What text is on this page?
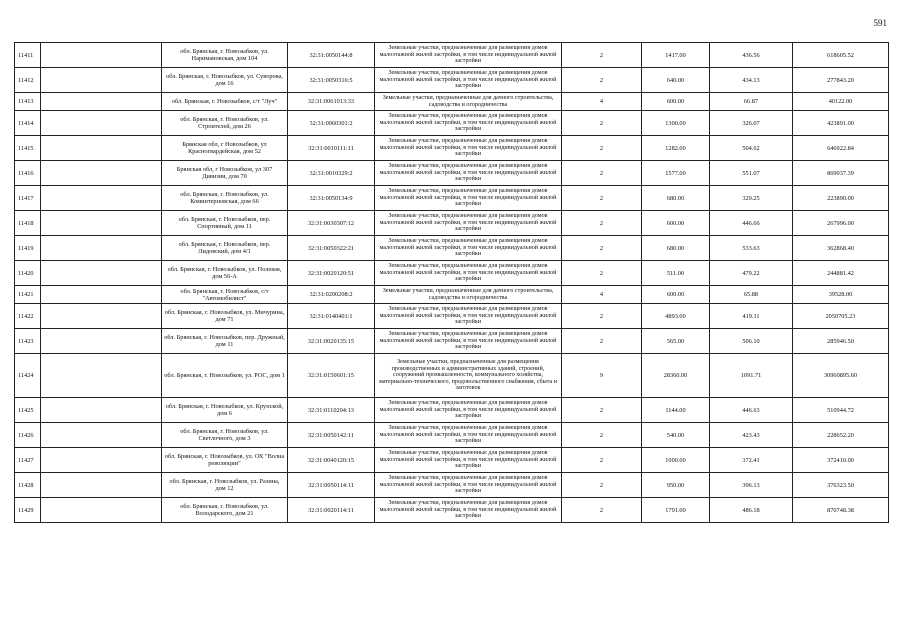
591
11411		обл. Брянская, г. Новозыбков, ул. Наримановская, дом 104	32:31:0050144:8	Земельные участки, предназначенные для размещения домов малоэтажной жилой застройки, в том числе индивидуальной жилой застройки	2	1417.00	436.56	618605.52
11412		обл. Брянская, г. Новозыбков, ул. Суворова, дом 16	32:31:0050316:5	Земельные участки, предназначенные для размещения домов малоэтажной жилой застройки, в том числе индивидуальной жилой застройки	2	640.00	434.13	277843.20
11413		обл. Брянская, г. Новозыбков, с/т "Луч"	32:31:0061013:33	Земельные участки, предназначенные для дачного строительства, садоводства и огородничества	4	600.00	66.87	40122.00
11414		обл. Брянская, г. Новозыбков, ул. Строителей, дом 26	32:31:0060301:2	Земельные участки, предназначенные для размещения домов малоэтажной жилой застройки, в том числе индивидуальной жилой застройки	2	1300.00	326.07	423891.00
11415		Брянская обл, г Новозыбков, ул Красногвардейская, дом 52	32:31:0010111:11	Земельные участки, предназначенные для размещения домов малоэтажной жилой застройки, в том числе индивидуальной жилой застройки	2	1282.00	504.62	646922.84
11416		Брянская обл, г Новозыбков, ул 307 Дивизии, дом 70	32:31:0010329:2	Земельные участки, предназначенные для размещения домов малоэтажной жилой застройки, в том числе индивидуальной жилой застройки	2	1577.00	551.07	869037.39
11417		обл. Брянская, г. Новозыбков, ул. Коминтерновская, дом 66	32:31:0050134:9	Земельные участки, предназначенные для размещения домов малоэтажной жилой застройки, в том числе индивидуальной жилой застройки	2	680.00	329.25	223890.00
11418		обл. Брянская, г. Новозыбков, пер. Спортивный, дом 11	32:31:0030307:12	Земельные участки, предназначенные для размещения домов малоэтажной жилой застройки, в том числе индивидуальной жилой застройки	2	600.00	446.66	267996.00
11419		обл. Брянская, г. Новозыбков, пер. Лидовский, дом 4/1	32:31:0050322:21	Земельные участки, предназначенные для размещения домов малоэтажной жилой застройки, в том числе индивидуальной жилой застройки	2	680.00	533.63	362868.40
11420		обл. Брянская, г. Новозыбков, ул. Полевая, дом 56-А	32:31:0020120:51	Земельные участки, предназначенные для размещения домов малоэтажной жилой застройки, в том числе индивидуальной жилой застройки	2	511.00	479.22	244881.42
11421		обл. Брянская, г. Новозыбков, с/т "Автомобилист"	32:31:0200208:2	Земельные участки, предназначенные для дачного строительства, садоводства и огородничества	4	600.00	65.88	39528.00
11422		обл. Брянская, г. Новозыбков, ул. Мичурина, дом 71	32:31:0140401:1	Земельные участки, предназначенные для размещения домов малоэтажной жилой застройки, в том числе индивидуальной жилой застройки	2	4893.00	419.11	2050705.23
11423		обл. Брянская, г. Новозыбков, пер. Дружный, дом 11	32:31:0020135:15	Земельные участки, предназначенные для размещения домов малоэтажной жилой застройки, в том числе индивидуальной жилой застройки	2	565.00	506.10	285946.50
11424		обл. Брянская, г. Новозыбков, ул. РОС, дом 1	32:31:0150601:15	Земельные участки, предназначенные для размещения производственных и административных зданий, строений, сооружений промышленности, коммунального хозяйства, материально-технического, продовольственного снабжения, сбыта и заготовок	9	28360.00	1091.71	30960895.60
11425		обл. Брянская, г. Новозыбков, ул. Крупской, дом 6	32:31:0110204:13	Земельные участки, предназначенные для размещения домов малоэтажной жилой застройки, в том числе индивидуальной жилой застройки	2	1144.00	446.63	510944.72
11426		обл. Брянская, г. Новозыбков, ул. Светлочного, дом 3	32:31:0050142:11	Земельные участки, предназначенные для размещения домов малоэтажной жилой застройки, в том числе индивидуальной жилой застройки	2	540.00	423.43	228652.20
11427		обл. Брянская, г. Новозыбков, ул. ОХ "Волна революции"	32:31:0040120:15	Земельные участки, предназначенные для размещения домов малоэтажной жилой застройки, в том числе индивидуальной жилой застройки	2	1000.00	372.41	372410.00
11428		обл. Брянская, г. Новозыбков, ул. Разина, дом 12	32:31:0050114:11	Земельные участки, предназначенные для размещения домов малоэтажной жилой застройки, в том числе индивидуальной жилой застройки	2	950.00	396.13	376323.50
11429		обл. Брянская, г. Новозыбков, ул. Володарского, дом 21	32:31:0020114:11	Земельные участки, предназначенные для размещения домов малоэтажной жилой застройки, в том числе индивидуальной жилой застройки	2	1791.00	486.18	870748.38
